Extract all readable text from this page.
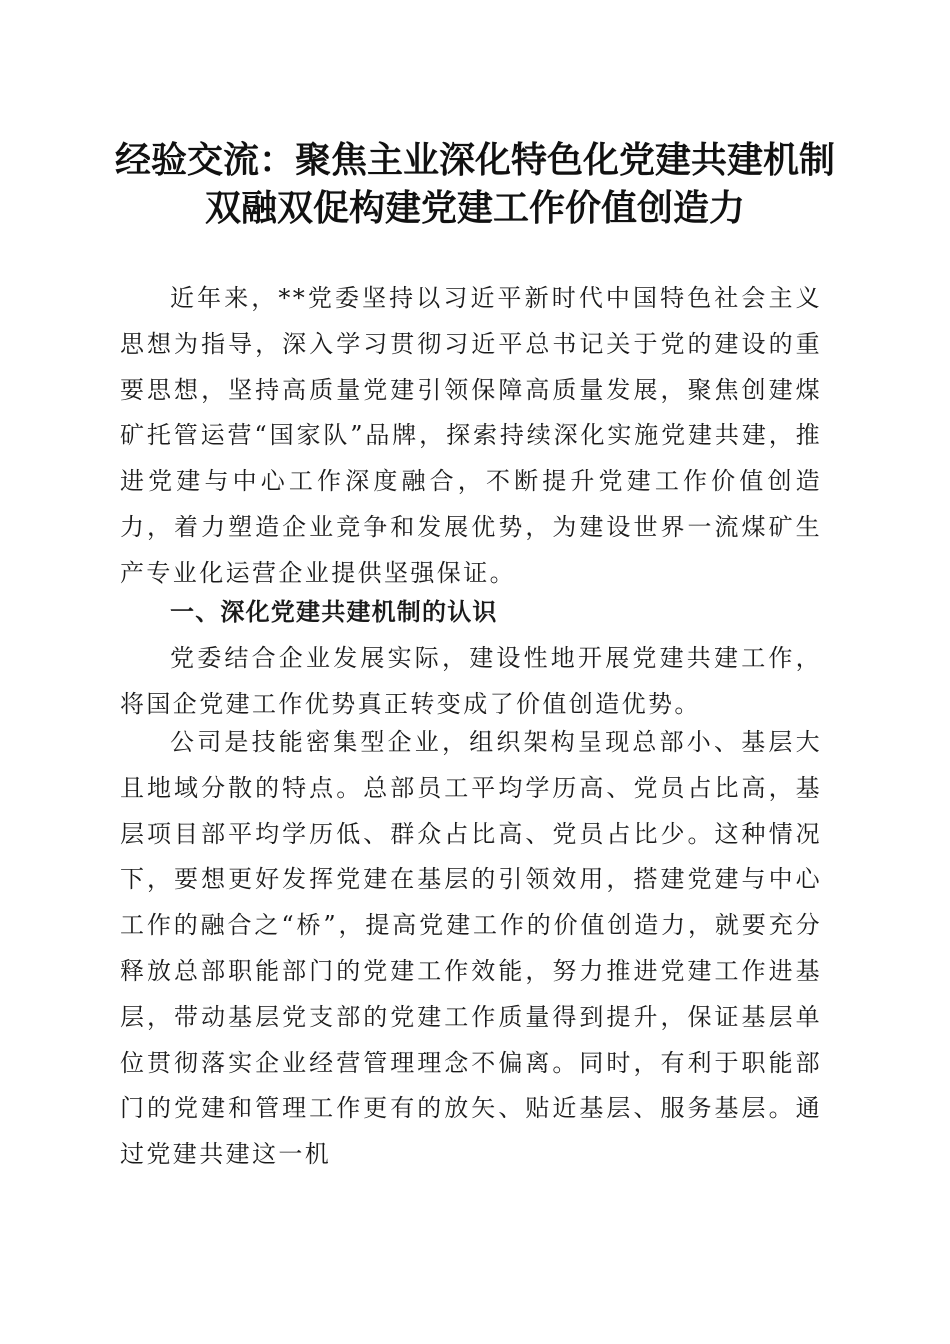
经验交流：聚焦主业深化特色化党建共建机制
双融双促构建党建工作价值创造力

近年来，**党委坚持以习近平新时代中国特色社会主义思想为指导，深入学习贯彻习近平总书记关于党的建设的重要思想，坚持高质量党建引领保障高质量发展，聚焦创建煤矿托管运营“国家队”品牌，探索持续深化实施党建共建，推进党建与中心工作深度融合，不断提升党建工作价值创造力，着力塑造企业竞争和发展优势，为建设世界一流煤矿生产专业化运营企业提供坚强保证。

一、深化党建共建机制的认识

党委结合企业发展实际，建设性地开展党建共建工作，将国企党建工作优势真正转变成了价值创造优势。

公司是技能密集型企业，组织架构呈现总部小、基层大且地域分散的特点。总部员工平均学历高、党员占比高，基层项目部平均学历低、群众占比高、党员占比少。这种情况下，要想更好发挥党建在基层的引领效用，搭建党建与中心工作的融合之“桥”，提高党建工作的价值创造力，就要充分释放总部职能部门的党建工作效能，努力推进党建工作进基层，带动基层党支部的党建工作质量得到提升，保证基层单位贯彻落实企业经营管理理念不偏离。同时，有利于职能部门的党建和管理工作更有的放矢、贴近基层、服务基层。通过党建共建这一机
